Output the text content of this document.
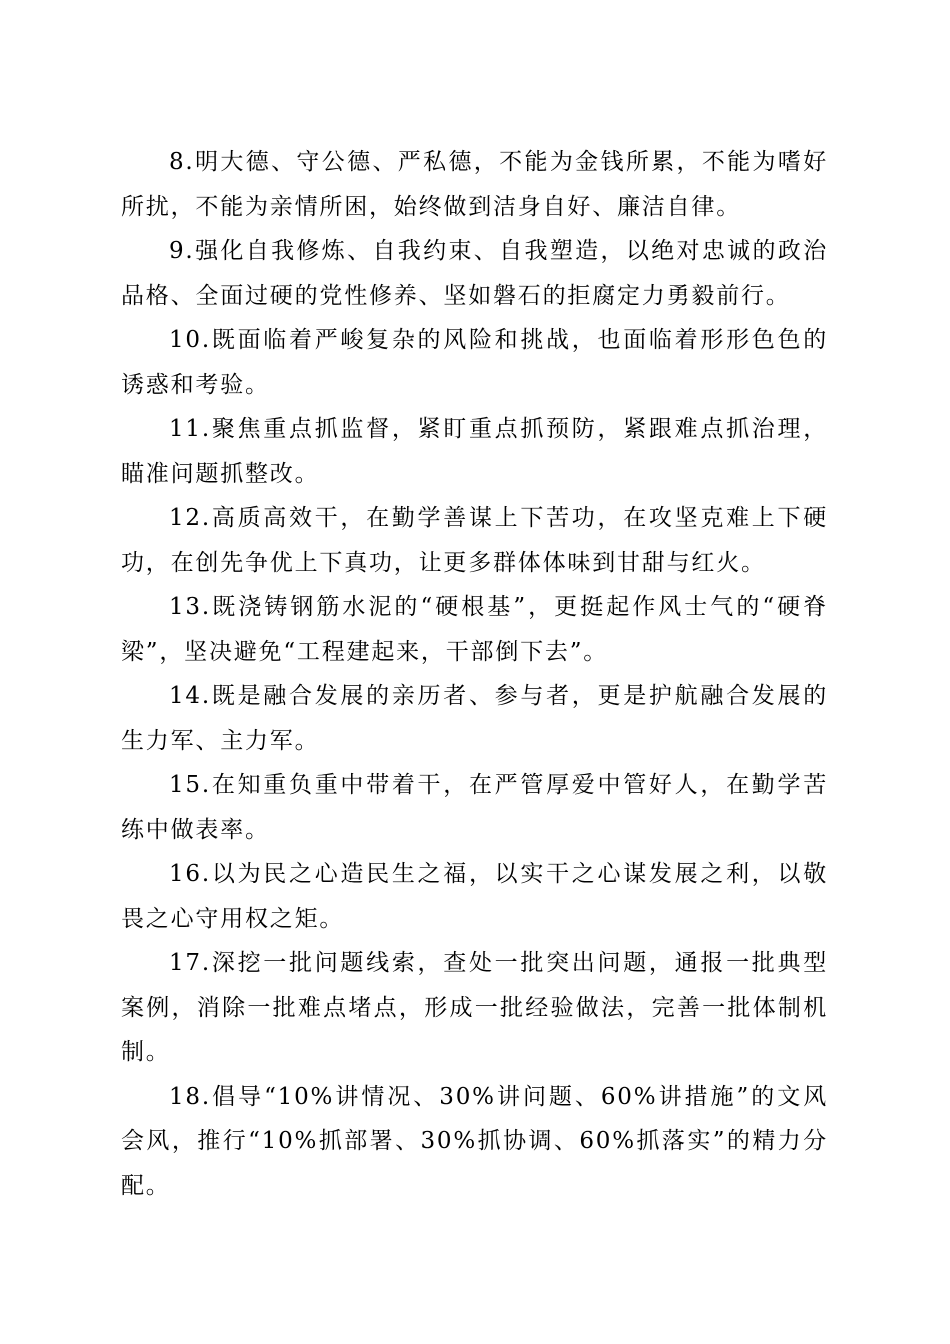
8.明大德、守公德、严私德，不能为金钱所累，不能为嗜好所扰，不能为亲情所困，始终做到洁身自好、廉洁自律。

9.强化自我修炼、自我约束、自我塑造，以绝对忠诚的政治品格、全面过硬的党性修养、坚如磐石的拒腐定力勇毅前行。

10.既面临着严峻复杂的风险和挑战，也面临着形形色色的诱惑和考验。

11.聚焦重点抓监督，紧盯重点抓预防，紧跟难点抓治理，瞄准问题抓整改。

12.高质高效干，在勤学善谋上下苦功，在攻坚克难上下硬功，在创先争优上下真功，让更多群体体味到甘甜与红火。

13.既浇铸钢筋水泥的“硬根基”，更挺起作风士气的“硬脊梁”，坚决避免“工程建起来，干部倒下去”。

14.既是融合发展的亲历者、参与者，更是护航融合发展的生力军、主力军。

15.在知重负重中带着干，在严管厚爱中管好人，在勤学苦练中做表率。

16.以为民之心造民生之福，以实干之心谋发展之利，以敬畏之心守用权之矩。

17.深挖一批问题线索，查处一批突出问题，通报一批典型案例，消除一批难点堵点，形成一批经验做法，完善一批体制机制。

18.倡导“10%讲情况、30%讲问题、60%讲措施”的文风会风，推行“10%抓部署、30%抓协调、60%抓落实”的精力分配。
